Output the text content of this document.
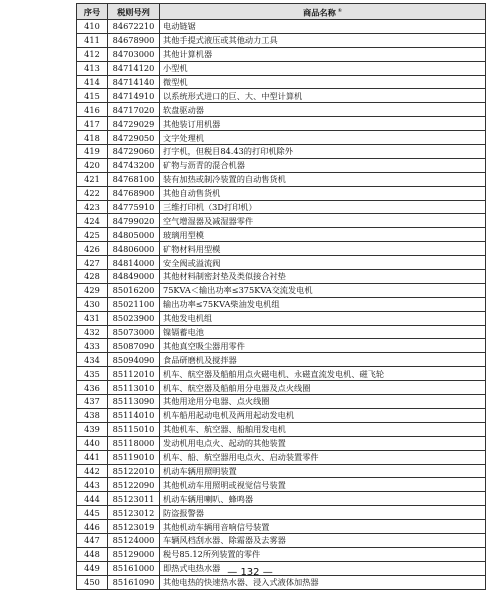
序号	税则号列	商品名称 ①
410	84672210	电动链锯
411	84678900	其他手提式液压或其他动力工具
412	84703000	其他计算机器
413	84714120	小型机
414	84714140	微型机
415	84714910	以系统形式进口的巨、大、中型计算机
416	84717020	软盘驱动器
417	84729029	其他装订用机器
418	84729050	文字处理机
419	84729060	打字机，但税目84.43的打印机除外
420	84743200	矿物与沥青的混合机器
421	84768100	装有加热或制冷装置的自动售货机
422	84768900	其他自动售货机
423	84775910	三维打印机（3D打印机）
424	84799020	空气增湿器及减湿器零件
425	84805000	玻璃用型模
426	84806000	矿物材料用型模
427	84814000	安全阀或溢流阀
428	84849000	其他材料制密封垫及类似接合衬垫
429	85016200	75KVA＜输出功率≤375KVA交流发电机
430	85021100	输出功率≤75KVA柴油发电机组
431	85023900	其他发电机组
432	85073000	镍镉蓄电池
433	85087090	其他真空吸尘器用零件
434	85094090	食品研磨机及搅拌器
435	85112010	机车、航空器及船舶用点火磁电机、永磁直流发电机、磁飞轮
436	85113010	机车、航空器及船舶用分电器及点火线圈
437	85113090	其他用途用分电器、点火线圈
438	85114010	机车船用起动电机及两用起动发电机
439	85115010	其他机车、航空器、船舶用发电机
440	85118000	发动机用电点火、起动的其他装置
441	85119010	机车、船、航空器用电点火、启动装置零件
442	85122010	机动车辆用照明装置
443	85122090	其他机动车用照明或视觉信号装置
444	85123011	机动车辆用喇叭、蜂鸣器
445	85123012	防盗报警器
446	85123019	其他机动车辆用音响信号装置
447	85124000	车辆风档刮水器、除霜器及去雾器
448	85129000	税号85.12所列装置的零件
449	85161000	即热式电热水器
450	85161090	其他电热的快速热水器、浸入式液体加热器
— 132 —
